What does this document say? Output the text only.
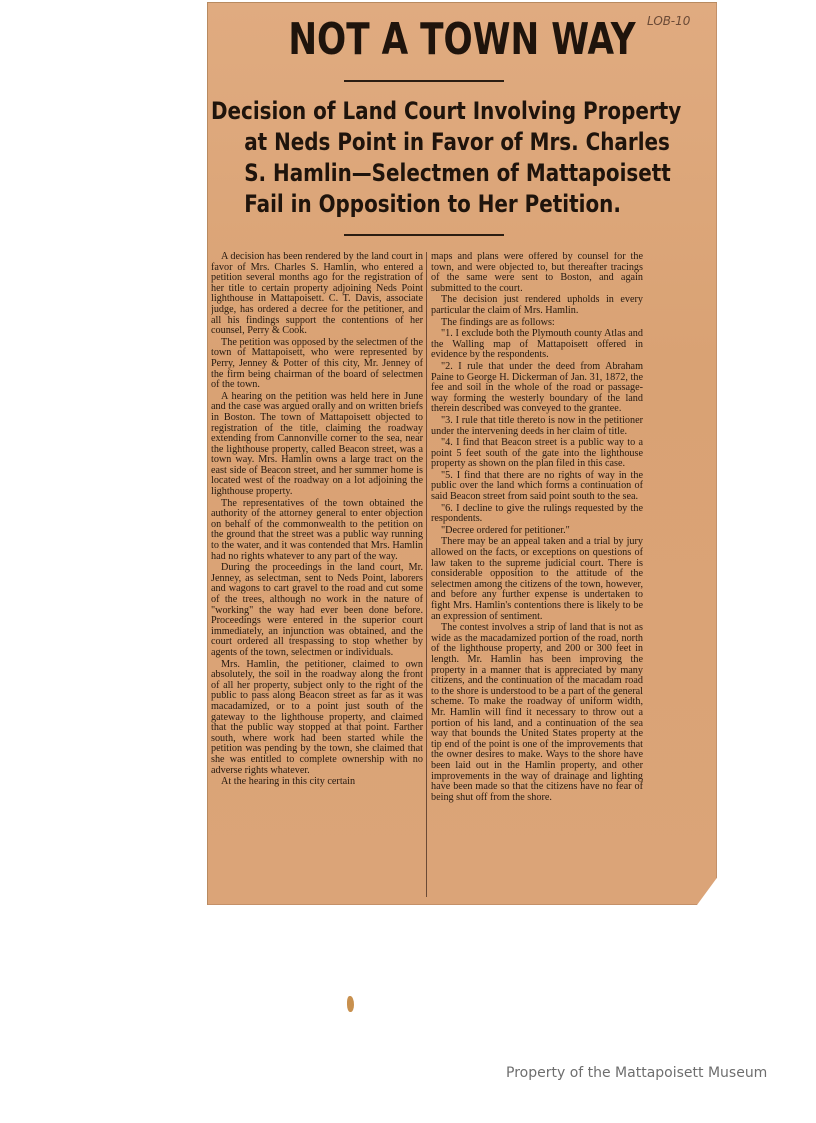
LOB-10
NOT A TOWN WAY
Decision of Land Court Involving Property
at Neds Point in Favor of Mrs. Charles
S. Hamlin—Selectmen of Mattapoisett
Fail in Opposition to Her Petition.

A decision has been rendered by the land court in favor of Mrs. Charles S. Hamlin, who entered a petition several months ago for the registration of her title to certain property adjoining Neds Point lighthouse in Mattapoisett. C. T. Davis, associate judge, has ordered a decree for the petitioner, and all his findings support the contentions of her counsel, Perry & Cook.

The petition was opposed by the selectmen of the town of Mattapoisett, who were represented by Perry, Jenney & Potter of this city, Mr. Jenney of the firm being chairman of the board of selectmen of the town.

A hearing on the petition was held here in June and the case was argued orally and on written briefs in Boston. The town of Mattapoisett objected to registration of the title, claiming the roadway extending from Cannonville corner to the sea, near the lighthouse property, called Beacon street, was a town way. Mrs. Hamlin owns a large tract on the east side of Beacon street, and her summer home is located west of the roadway on a lot adjoining the lighthouse property.

The representatives of the town obtained the authority of the attorney general to enter objection on behalf of the commonwealth to the petition on the ground that the street was a public way running to the water, and it was contended that Mrs. Hamlin had no rights whatever to any part of the way.

During the proceedings in the land court, Mr. Jenney, as selectman, sent to Neds Point, laborers and wagons to cart gravel to the road and cut some of the trees, although no work in the nature of "working" the way had ever been done before. Proceedings were entered in the superior court immediately, an injunction was obtained, and the court ordered all trespassing to stop whether by agents of the town, selectmen or individuals.

Mrs. Hamlin, the petitioner, claimed to own absolutely, the soil in the roadway along the front of all her property, subject only to the right of the public to pass along Beacon street as far as it was macadamized, or to a point just south of the gateway to the lighthouse property, and claimed that the public way stopped at that point. Farther south, where work had been started while the petition was pending by the town, she claimed that she was entitled to complete ownership with no adverse rights whatever.

At the hearing in this city certain

maps and plans were offered by counsel for the town, and were objected to, but thereafter tracings of the same were sent to Boston, and again submitted to the court.

The decision just rendered upholds in every particular the claim of Mrs. Hamlin.

The findings are as follows:

"1. I exclude both the Plymouth county Atlas and the Walling map of Mattapoisett offered in evidence by the respondents.

"2. I rule that under the deed from Abraham Paine to George H. Dickerman of Jan. 31, 1872, the fee and soil in the whole of the road or passage-way forming the westerly boundary of the land therein described was conveyed to the grantee.

"3. I rule that title thereto is now in the petitioner under the intervening deeds in her claim of title.

"4. I find that Beacon street is a public way to a point 5 feet south of the gate into the lighthouse property as shown on the plan filed in this case.

"5. I find that there are no rights of way in the public over the land which forms a continuation of said Beacon street from said point south to the sea.

"6. I decline to give the rulings requested by the respondents.

"Decree ordered for petitioner."

There may be an appeal taken and a trial by jury allowed on the facts, or exceptions on questions of law taken to the supreme judicial court. There is considerable opposition to the attitude of the selectmen among the citizens of the town, however, and before any further expense is undertaken to fight Mrs. Hamlin's contentions there is likely to be an expression of sentiment.

The contest involves a strip of land that is not as wide as the macadamized portion of the road, north of the lighthouse property, and 200 or 300 feet in length. Mr. Hamlin has been improving the property in a manner that is appreciated by many citizens, and the continuation of the macadam road to the shore is understood to be a part of the general scheme. To make the roadway of uniform width, Mr. Hamlin will find it necessary to throw out a portion of his land, and a continuation of the sea way that bounds the United States property at the tip end of the point is one of the improvements that the owner desires to make. Ways to the shore have been laid out in the Hamlin property, and other improvements in the way of drainage and lighting have been made so that the citizens have no fear of being shut off from the shore.

Property of the Mattapoisett Museum
